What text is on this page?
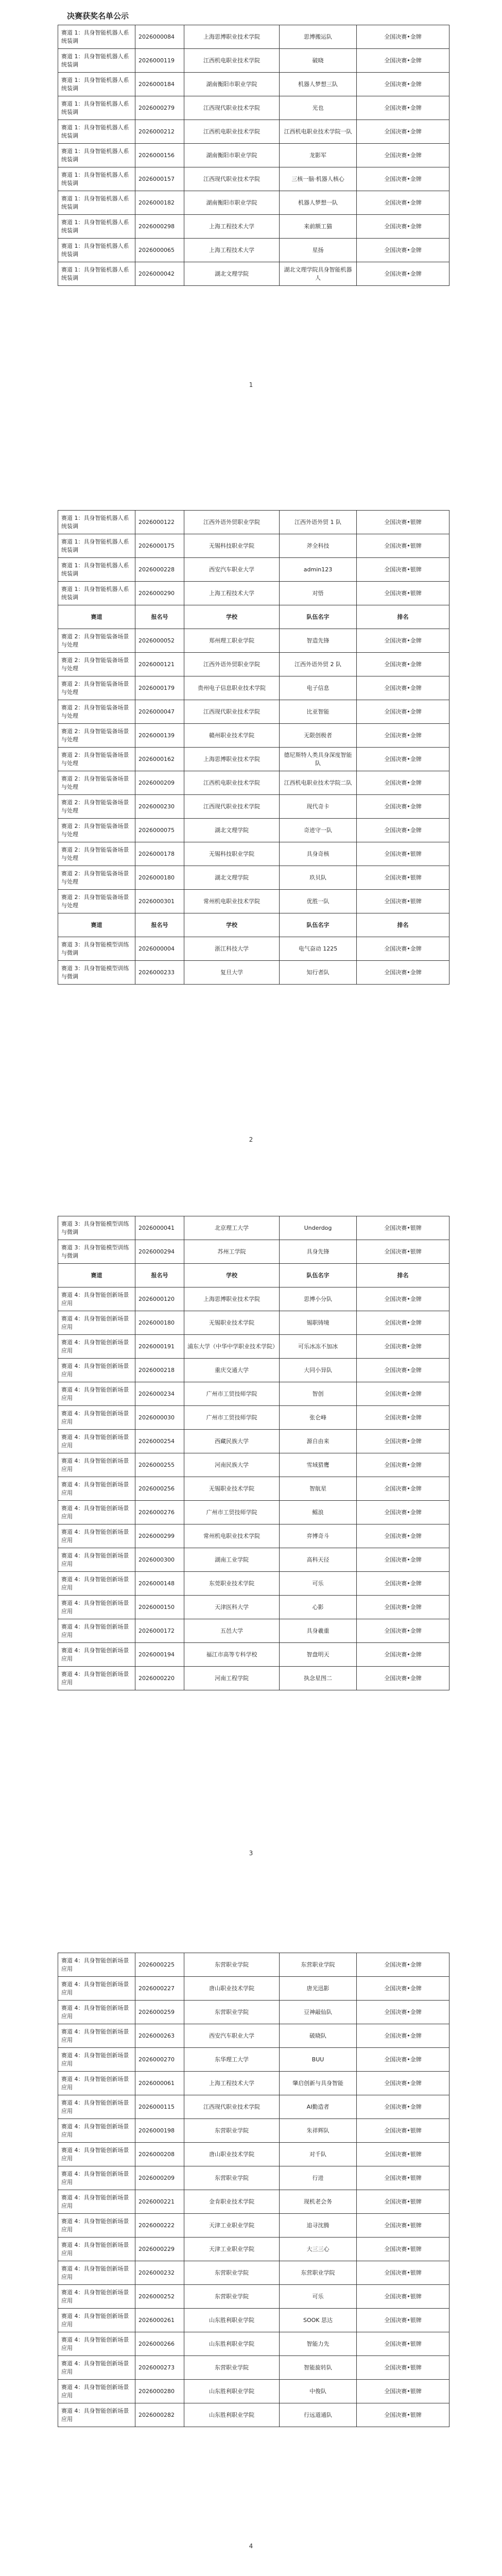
决赛获奖名单公示
赛道 1：具身智能机器人系统装调	2026000084	上海思博职业技术学院	思博搬运队	全国决赛•金牌
赛道 1：具身智能机器人系统装调	2026000119	江西机电职业技术学院	破晓	全国决赛•金牌
赛道 1：具身智能机器人系统装调	2026000184	湖南衡阳市职业学院	机器人梦想三队	全国决赛•金牌
赛道 1：具身智能机器人系统装调	2026000279	江西现代职业技术学院	光也	全国决赛•金牌
赛道 1：具身智能机器人系统装调	2026000212	江西机电职业技术学院	江西机电职业技术学院一队	全国决赛•金牌
赛道 1：具身智能机器人系统装调	2026000156	湖南衡阳市职业学院	龙影军	全国决赛•金牌
赛道 1：具身智能机器人系统装调	2026000157	江西现代职业技术学院	三核一脑·机器人核心	全国决赛•金牌
赛道 1：具身智能机器人系统装调	2026000182	湖南衡阳市职业学院	机器人梦想一队	全国决赛•金牌
赛道 1：具身智能机器人系统装调	2026000298	上海工程技术大学	来前额工猫	全国决赛•金牌
赛道 1：具身智能机器人系统装调	2026000065	上海工程技术大学	星扬	全国决赛•金牌
赛道 1：具身智能机器人系统装调	2026000042	湖北文理学院	湖北文理学院具身智能机器人	全国决赛•金牌
1
赛道 1：具身智能机器人系统装调	2026000122	江西外语外贸职业学院	江西外语外贸 1 队	全国决赛•银牌
赛道 1：具身智能机器人系统装调	2026000175	无锡科技职业学院	斧全科技	全国决赛•银牌
赛道 1：具身智能机器人系统装调	2026000228	西安汽车职业大学	admin123	全国决赛•银牌
赛道 1：具身智能机器人系统装调	2026000290	上海工程技术大学	对悟	全国决赛•银牌
赛道	报名号	学校	队伍名字	排名
赛道 2：具身智能装备场景与处理	2026000052	郑州理工职业学院	智造先锋	全国决赛•金牌
赛道 2：具身智能装备场景与处理	2026000121	江西外语外贸职业学院	江西外语外贸 2 队	全国决赛•金牌
赛道 2：具身智能装备场景与处理	2026000179	贵州电子信息职业技术学院	电子信息	全国决赛•金牌
赛道 2：具身智能装备场景与处理	2026000047	江西现代职业技术学院	比亚智能	全国决赛•金牌
赛道 2：具身智能装备场景与处理	2026000139	赣州职业技术学院	无限创极者	全国决赛•金牌
赛道 2：具身智能装备场景与处理	2026000162	上海思博职业技术学院	德尼斯特人类具身深度智能队	全国决赛•金牌
赛道 2：具身智能装备场景与处理	2026000209	江西机电职业技术学院	江西机电职业技术学院二队	全国决赛•金牌
赛道 2：具身智能装备场景与处理	2026000230	江西现代职业技术学院	现代奇卡	全国决赛•金牌
赛道 2：具身智能装备场景与处理	2026000075	湖北文理学院	奇迹守一队	全国决赛•金牌
赛道 2：具身智能装备场景与处理	2026000178	无锡科技职业学院	具身奇核	全国决赛•银牌
赛道 2：具身智能装备场景与处理	2026000180	湖北文理学院	玖贝队	全国决赛•银牌
赛道 2：具身智能装备场景与处理	2026000301	常州机电职业技术学院	优胜一队	全国决赛•银牌
赛道	报名号	学校	队伍名字	排名
赛道 3：具身智能模型训练与微调	2026000004	浙江科技大学	电气奋动 1225	全国决赛•金牌
赛道 3：具身智能模型训练与微调	2026000233	复旦大学	知行者队	全国决赛•金牌
2
赛道 3：具身智能模型训练与微调	2026000041	北京理工大学	Underdog	全国决赛•银牌
赛道 3：具身智能模型训练与微调	2026000294	苏州工学院	具身先锋	全国决赛•银牌
赛道	报名号	学校	队伍名字	排名
赛道 4：具身智能创新场景应用	2026000120	上海思博职业技术学院	思博小分队	全国决赛•金牌
赛道 4：具身智能创新场景应用	2026000180	无锡职业技术学院	锡职铸境	全国决赛•金牌
赛道 4：具身智能创新场景应用	2026000191	浦东大学（中华中学职业技术学院）	可乐冰冻不加冰	全国决赛•金牌
赛道 4：具身智能创新场景应用	2026000218	重庆交通大学	大同小异队	全国决赛•金牌
赛道 4：具身智能创新场景应用	2026000234	广州市工贸技师学院	智创	全国决赛•金牌
赛道 4：具身智能创新场景应用	2026000030	广州市工贸技师学院	张仑峰	全国决赛•金牌
赛道 4：具身智能创新场景应用	2026000254	西藏民族大学	源自由来	全国决赛•金牌
赛道 4：具身智能创新场景应用	2026000255	河南民族大学	雪域猎鹰	全国决赛•金牌
赛道 4：具身智能创新场景应用	2026000256	无锡职业技术学院	智航星	全国决赛•金牌
赛道 4：具身智能创新场景应用	2026000276	广州市工贸技师学院	鳐浪	全国决赛•金牌
赛道 4：具身智能创新场景应用	2026000299	常州机电职业技术学院	弈博奇斗	全国决赛•金牌
赛道 4：具身智能创新场景应用	2026000300	湖南工业学院	高科天径	全国决赛•金牌
赛道 4：具身智能创新场景应用	2026000148	东莞职业技术学院	可乐	全国决赛•金牌
赛道 4：具身智能创新场景应用	2026000150	天津医科大学	心影	全国决赛•金牌
赛道 4：具身智能创新场景应用	2026000172	五邑大学	具身羲重	全国决赛•金牌
赛道 4：具身智能创新场景应用	2026000194	福江市高等专科学校	智盘明天	全国决赛•金牌
赛道 4：具身智能创新场景应用	2026000220	河南工程学院	执念星图二	全国决赛•金牌
3
赛道 4：具身智能创新场景应用	2026000225	东营职业学院	东营职业学院	全国决赛•金牌
赛道 4：具身智能创新场景应用	2026000227	唐山职业技术学院	唐光迅影	全国决赛•金牌
赛道 4：具身智能创新场景应用	2026000259	东营职业学院	豆神敲仙队	全国决赛•金牌
赛道 4：具身智能创新场景应用	2026000263	西安汽车职业大学	破晓队	全国决赛•金牌
赛道 4：具身智能创新场景应用	2026000270	东华理工大学	BUU	全国决赛•金牌
赛道 4：具身智能创新场景应用	2026000061	上海工程技术大学	肇启创新与具身智能	全国决赛•金牌
赛道 4：具身智能创新场景应用	2026000115	江西现代职业技术学院	AI勤造者	全国决赛•金牌
赛道 4：具身智能创新场景应用	2026000198	东营职业学院	朱祥辉队	全国决赛•银牌
赛道 4：具身智能创新场景应用	2026000208	唐山职业技术学院	对千队	全国决赛•银牌
赛道 4：具身智能创新场景应用	2026000209	东营职业学院	行进	全国决赛•银牌
赛道 4：具身智能创新场景应用	2026000221	金肯职业技术学院	现机老会务	全国决赛•银牌
赛道 4：具身智能创新场景应用	2026000222	天津工业职业学院	追寻沈腾	全国决赛•银牌
赛道 4：具身智能创新场景应用	2026000229	天津工业职业学院	大三三心	全国决赛•银牌
赛道 4：具身智能创新场景应用	2026000232	东营职业学院	东营职业学院	全国决赛•银牌
赛道 4：具身智能创新场景应用	2026000252	东营职业学院	可乐	全国决赛•银牌
赛道 4：具身智能创新场景应用	2026000261	山东胜利职业学院	SOOK 思达	全国决赛•银牌
赛道 4：具身智能创新场景应用	2026000266	山东胜利职业学院	智能力先	全国决赛•银牌
赛道 4：具身智能创新场景应用	2026000273	东营职业学院	智能旋转队	全国决赛•银牌
赛道 4：具身智能创新场景应用	2026000280	山东胜利职业学院	中俊队	全国决赛•银牌
赛道 4：具身智能创新场景应用	2026000282	山东胜利职业学院	行远道通队	全国决赛•银牌
4
